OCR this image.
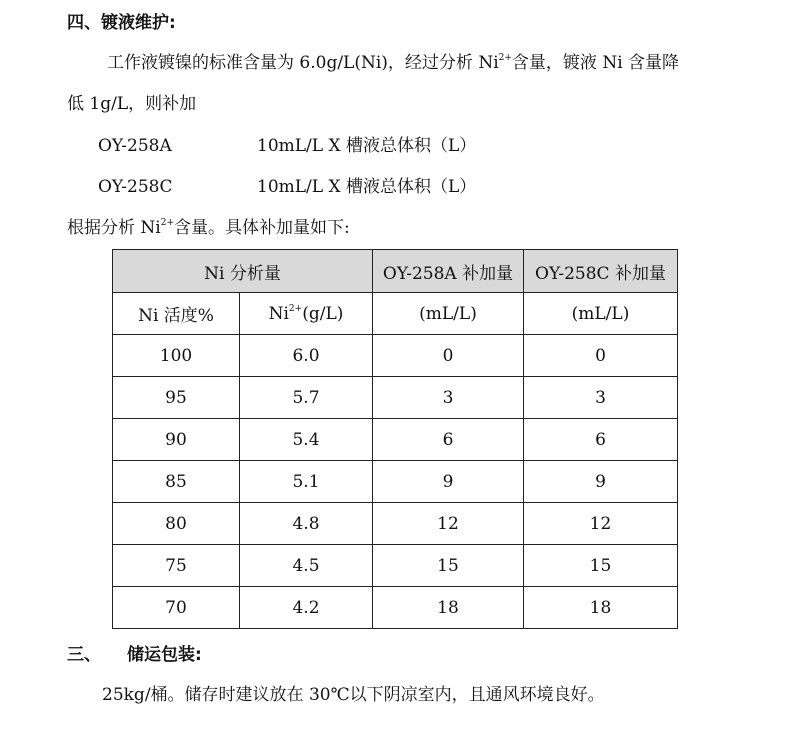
四、镀液维护:
工作液镀镍的标准含量为 6.0g/L(Ni)，经过分析 $Ni^{2+}$含量，镀液 Ni 含量降
低 1g/L，则补加
OY-258A	10mL/L X 槽液总体积（L）
OY-258C	10mL/L X 槽液总体积（L）
根据分析 $Ni^{2+}$含量。具体补加量如下:
Ni 分析量		OY-258A 补加量	OY-258C 补加量
Ni 活度%	$Ni^{2+}(g/L)$	(mL/L)	(mL/L)
100	6.0	0	0
95	5.7	3	3
90	5.4	6	6
85	5.1	9	9
80	4.8	12	12
75	4.5	15	15
70	4.2	18	18
三、 储运包装:
25kg/桶。储存时建议放在 30℃以下阴凉室内，且通风环境良好。
